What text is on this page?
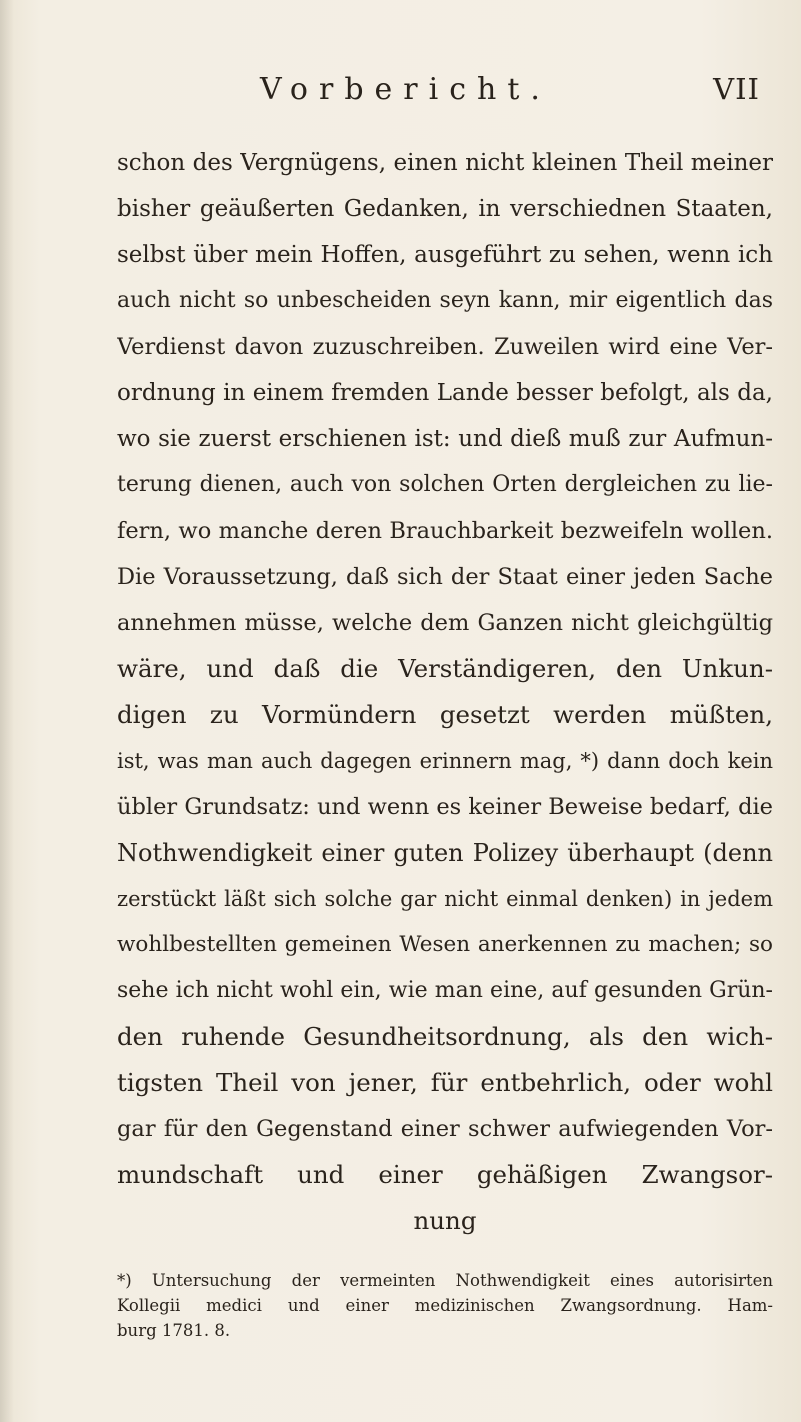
Vorbericht.	VII
schon des Vergnügens, einen nicht kleinen Theil meiner
bisher geäußerten Gedanken, in verschiednen Staaten,
selbst über mein Hoffen, ausgeführt zu sehen, wenn ich
auch nicht so unbescheiden seyn kann, mir eigentlich das
Verdienst davon zuzuschreiben. Zuweilen wird eine Ver-
ordnung in einem fremden Lande besser befolgt, als da,
wo sie zuerst erschienen ist: und dieß muß zur Aufmun-
terung dienen, auch von solchen Orten dergleichen zu lie-
fern, wo manche deren Brauchbarkeit bezweifeln wollen.
Die Voraussetzung, daß sich der Staat einer jeden Sache
annehmen müsse, welche dem Ganzen nicht gleichgültig
wäre, und daß die Verständigeren, den Unkun-
digen zu Vormündern gesetzt werden müßten,
ist, was man auch dagegen erinnern mag, *) dann doch kein
übler Grundsatz: und wenn es keiner Beweise bedarf, die
Nothwendigkeit einer guten Polizey überhaupt (denn
zerstückt läßt sich solche gar nicht einmal denken) in jedem
wohlbestellten gemeinen Wesen anerkennen zu machen; so
sehe ich nicht wohl ein, wie man eine, auf gesunden Grün-
den ruhende Gesundheitsordnung, als den wich-
tigsten Theil von jener, für entbehrlich, oder wohl
gar für den Gegenstand einer schwer aufwiegenden Vor-
mundschaft und einer gehäßigen Zwangsor-
nung
*) Untersuchung der vermeinten Nothwendigkeit eines autorisirten
Kollegii medici und einer medizinischen Zwangsordnung. Ham-
burg 1781. 8.
